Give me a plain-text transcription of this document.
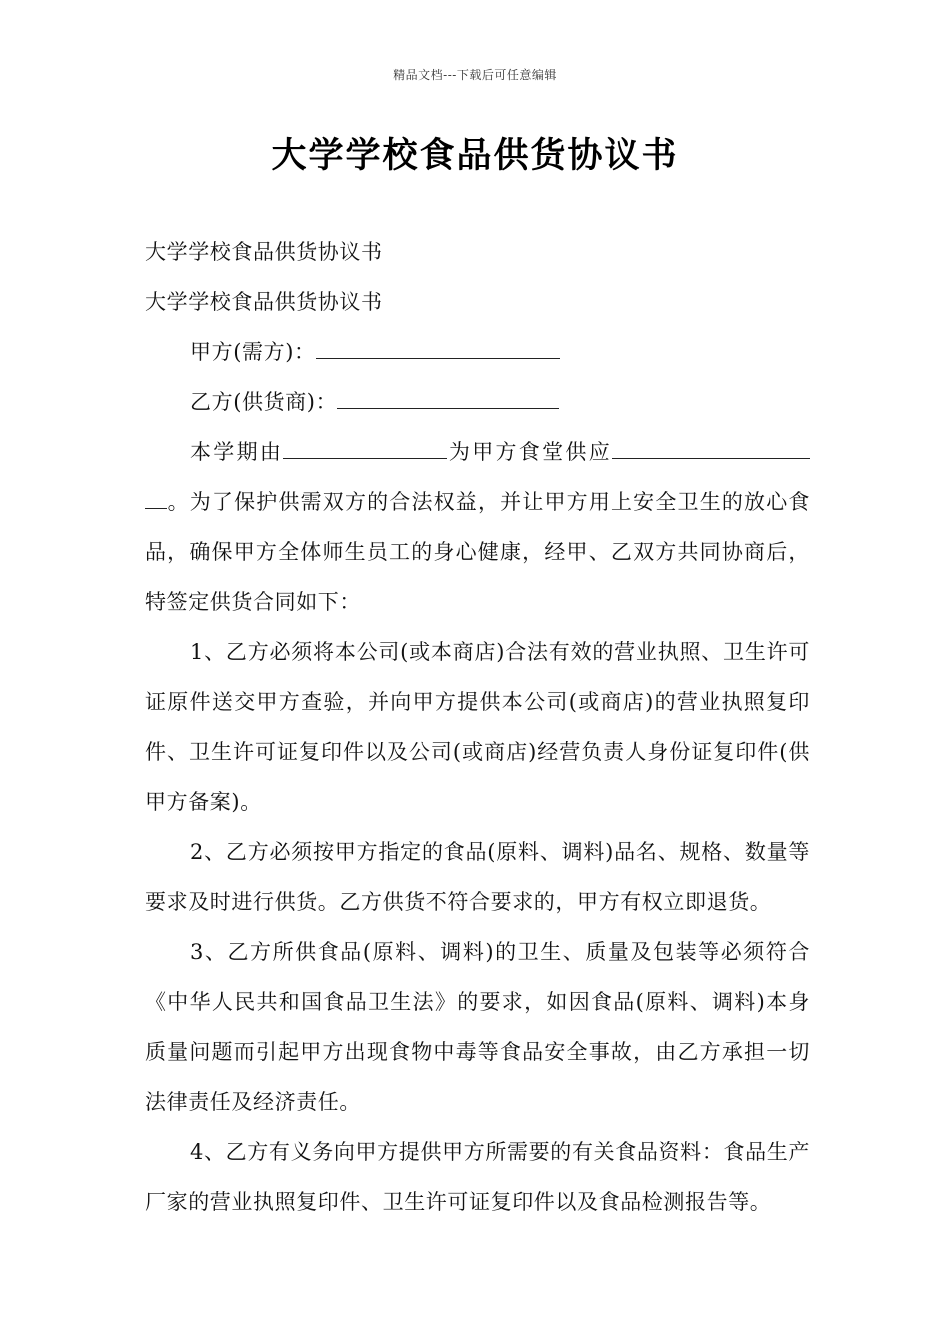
精品文档---下载后可任意编辑
大学学校食品供货协议书

大学学校食品供货协议书

大学学校食品供货协议书

甲方(需方)：

乙方(供货商)：

本学期由	为甲方食堂供应。为了保护供需双方的合法权益，并让甲方用上安全卫生的放心食品，确保甲方全体师生员工的身心健康，经甲、乙双方共同协商后，特签定供货合同如下：

1、乙方必须将本公司(或本商店)合法有效的营业执照、卫生许可证原件送交甲方查验，并向甲方提供本公司(或商店)的营业执照复印件、卫生许可证复印件以及公司(或商店)经营负责人身份证复印件(供甲方备案)。

2、乙方必须按甲方指定的食品(原料、调料)品名、规格、数量等要求及时进行供货。乙方供货不符合要求的，甲方有权立即退货。

3、乙方所供食品(原料、调料)的卫生、质量及包装等必须符合《中华人民共和国食品卫生法》的要求，如因食品(原料、调料)本身质量问题而引起甲方出现食物中毒等食品安全事故，由乙方承担一切法律责任及经济责任。

4、乙方有义务向甲方提供甲方所需要的有关食品资料：食品生产厂家的营业执照复印件、卫生许可证复印件以及食品检测报告等。
